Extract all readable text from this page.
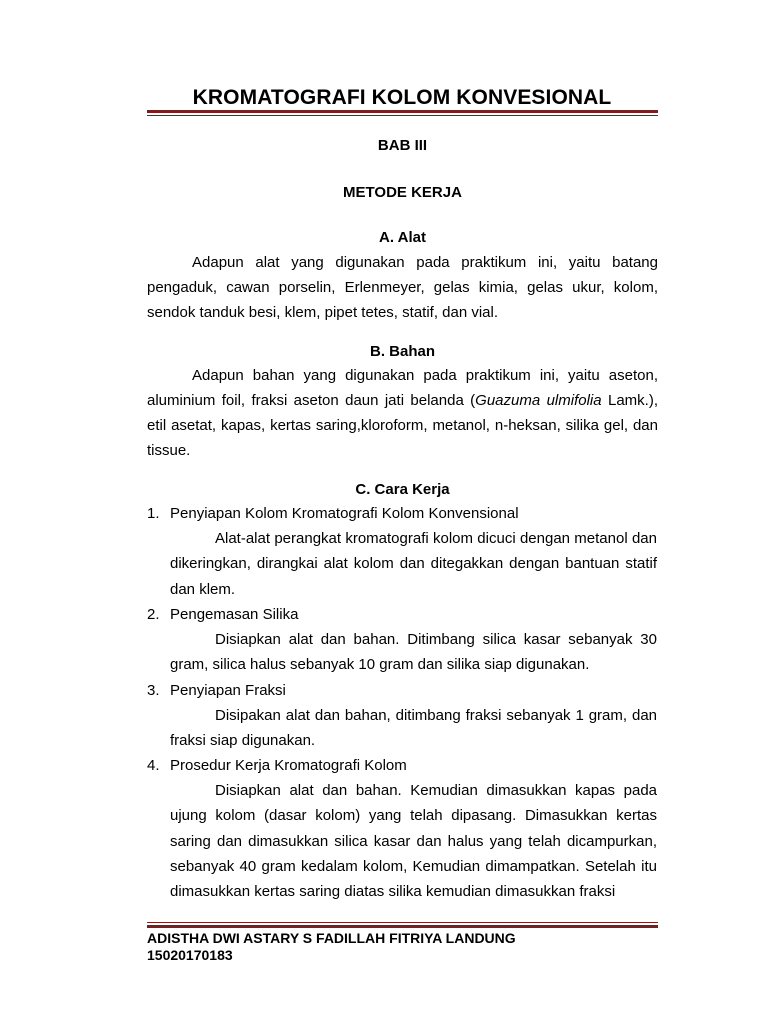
KROMATOGRAFI KOLOM KONVESIONAL
BAB III
METODE KERJA
A. Alat
Adapun alat yang digunakan pada praktikum ini, yaitu batang pengaduk, cawan porselin, Erlenmeyer, gelas kimia, gelas ukur, kolom, sendok tanduk besi, klem, pipet tetes, statif, dan vial.
B. Bahan
Adapun bahan yang digunakan pada praktikum ini, yaitu aseton, aluminium foil, fraksi aseton daun jati belanda (Guazuma ulmifolia Lamk.), etil asetat, kapas, kertas saring,kloroform, metanol, n-heksan, silika gel, dan tissue.
C. Cara Kerja
1. Penyiapan Kolom Kromatografi Kolom Konvensional
Alat-alat perangkat kromatografi kolom dicuci dengan metanol dan dikeringkan, dirangkai alat kolom dan ditegakkan dengan bantuan statif dan klem.
2. Pengemasan Silika
Disiapkan alat dan bahan. Ditimbang silica kasar sebanyak 30 gram, silica halus sebanyak 10 gram dan silika siap digunakan.
3. Penyiapan Fraksi
Disipakan alat dan bahan, ditimbang fraksi sebanyak 1 gram, dan fraksi siap digunakan.
4. Prosedur Kerja Kromatografi Kolom
Disiapkan alat dan bahan. Kemudian dimasukkan kapas pada ujung kolom (dasar kolom) yang telah dipasang. Dimasukkan kertas saring dan dimasukkan silica kasar dan halus yang telah dicampurkan, sebanyak 40 gram kedalam kolom, Kemudian dimampatkan. Setelah itu dimasukkan kertas saring diatas silika kemudian dimasukkan fraksi
ADISTHA DWI ASTARY S FADILLAH FITRIYA LANDUNG
15020170183
